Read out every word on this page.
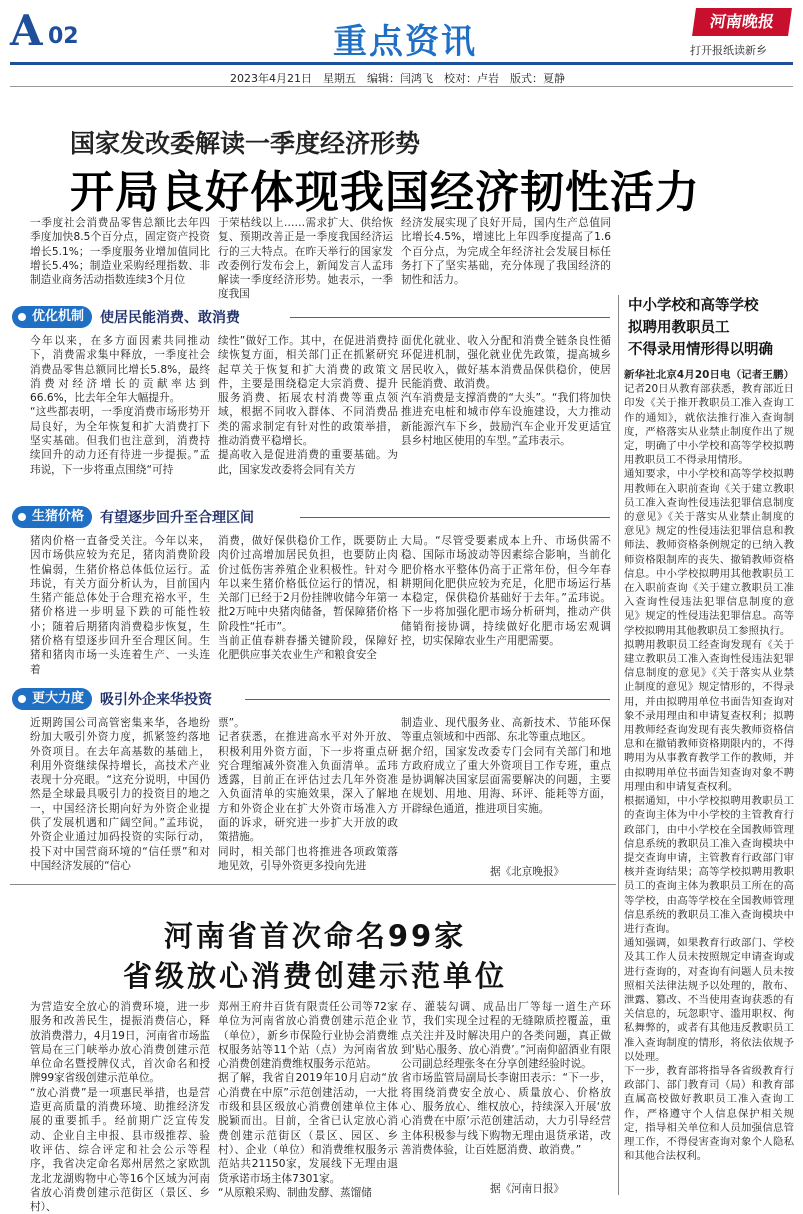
A 02	重点资讯
河南晚报
打开报纸读新乡
2023年4月21日　星期五　编辑：闫鸿飞　校对：卢岩　版式：夏静
国家发改委解读一季度经济形势
开局良好体现我国经济韧性活力
一季度社会消费品零售总额比去年四季度加快8.5个百分点，固定资产投资增长5.1%；一季度服务业增加值同比增长5.4%；制造业采购经理指数、非制造业商务活动指数连续3个月位
于荣枯线以上……需求扩大、供给恢复、预期改善正是一季度我国经济运行的三大特点。在昨天举行的国家发改委例行发布会上，新闻发言人孟玮解读一季度经济形势。她表示，一季度我国
经济发展实现了良好开局，国内生产总值同比增长4.5%，增速比上年四季度提高了1.6个百分点，为完成全年经济社会发展目标任务打下了坚实基础，充分体现了我国经济的韧性和活力。
优化机制	使居民能消费、敢消费
今年以来，在多方面因素共同推动下，消费需求集中释放，一季度社会消费品零售总额同比增长5.8%，最终消费对经济增长的贡献率达到66.6%，比去年全年大幅提升。
“这些都表明，一季度消费市场形势开局良好，为全年恢复和扩大消费打下坚实基础。但我们也注意到，消费持续回升的动力还有待进一步提振。”孟玮说，下一步将重点围绕“可持
续性”做好工作。其中，在促进消费持续恢复方面，相关部门正在抓紧研究起草关于恢复和扩大消费的政策文件，主要是围绕稳定大宗消费、提升服务消费、拓展农村消费等重点领域，根据不同收入群体、不同消费品类的需求制定有针对性的政策举措，推动消费平稳增长。
提高收入是促进消费的重要基础。为此，国家发改委将会同有关方
面优化就业、收入分配和消费全链条良性循环促进机制，强化就业优先政策，提高城乡居民收入，做好基本消费品保供稳价，使居民能消费、敢消费。
汽车消费是支撑消费的“大头”。“我们将加快推进充电桩和城市停车设施建设，大力推动新能源汽车下乡，鼓励汽车企业开发更适宜县乡村地区使用的车型。”孟玮表示。
生猪价格	有望逐步回升至合理区间
猪肉价格一直备受关注。今年以来，因市场供应较为充足，猪肉消费阶段性偏弱，生猪价格总体低位运行。孟玮说，有关方面分析认为，目前国内生猪产能总体处于合理充裕水平，生猪价格进一步明显下跌的可能性较小；随着后期猪肉消费稳步恢复，生猪价格有望逐步回升至合理区间。生猪和猪肉市场一头连着生产、一头连着
消费，做好保供稳价工作，既要防止肉价过高增加居民负担，也要防止肉价过低伤害养殖企业积极性。针对今年以来生猪价格低位运行的情况，相关部门已经于2月份挂牌收储今年第一批2万吨中央猪肉储备，暂保障猪价格阶段性“托市”。
当前正值春耕春播关键阶段，保障好化肥供应事关农业生产和粮食安全
大局。“尽管受要素成本上升、市场供需不稳、国际市场波动等因素综合影响，当前化肥价格水平整体仍高于正常年份，但今年春耕期间化肥供应较为充足，化肥市场运行基本稳定，保供稳价基础好于去年。”孟玮说。下一步将加强化肥市场分析研判，推动产供储销衔接协调，持续做好化肥市场宏观调控，切实保障农业生产用肥需要。
更大力度	吸引外企来华投资
近期跨国公司高管密集来华，各地纷纷加大吸引外资力度，抓紧签约落地外资项目。在去年高基数的基础上，利用外资继续保持增长，高技术产业表现十分亮眼。“这充分说明，中国仍然是全球最具吸引力的投资目的地之一，中国经济长期向好为外资企业提供了发展机遇和广阔空间。”孟玮说，外资企业通过加码投资的实际行动，投下对中国营商环境的“信任票”和对中国经济发展的“信心
票”。
记者获悉，在推进高水平对外开放、积极利用外资方面，下一步将重点研究合理缩减外资准入负面清单。孟玮透露，目前正在评估过去几年外资准入负面清单的实施效果，深入了解地方和外资企业在扩大外资市场准入方面的诉求，研究进一步扩大开放的政策措施。
同时，相关部门也将推进各项政策落地见效，引导外资更多投向先进
制造业、现代服务业、高新技术、节能环保等重点领域和中西部、东北等重点地区。
据介绍，国家发改委专门会同有关部门和地方政府成立了重大外资项目工作专班，重点是协调解决国家层面需要解决的问题，主要在规划、用地、用海、环评、能耗等方面，开辟绿色通道，推进项目实施。
据《北京晚报》
中小学校和高等学校
拟聘用教职员工
不得录用情形得以明确
新华社北京4月20日电（记者王鹏）记者20日从教育部获悉，教育部近日印发《关于推开教职员工准入查询工作的通知》，就依法推行准入查询制度，严格落实从业禁止制度作出了规定，明确了中小学校和高等学校拟聘用教职员工不得录用情形。
通知要求，中小学校和高等学校拟聘用教师在入职前查询《关于建立教职员工准入查询性侵违法犯罪信息制度的意见》《关于落实从业禁止制度的意见》规定的性侵违法犯罪信息和教师法、教师资格条例规定的已纳入教师资格限制库的丧失、撤销教师资格信息。中小学校拟聘用其他教职员工在入职前查询《关于建立教职员工准入查询性侵违法犯罪信息制度的意见》规定的性侵违法犯罪信息。高等学校拟聘用其他教职员工参照执行。
拟聘用教职员工经查询发现有《关于建立教职员工准入查询性侵违法犯罪信息制度的意见》《关于落实从业禁止制度的意见》规定情形的，不得录用，并由拟聘用单位书面告知查询对象不录用理由和申请复查权利；拟聘用教师经查询发现有丧失教师资格信息和在撤销教师资格期限内的，不得聘用为从事教育教学工作的教师，并由拟聘用单位书面告知查询对象不聘用理由和申请复查权利。
根据通知，中小学校拟聘用教职员工的查询主体为中小学校的主管教育行政部门，由中小学校在全国教师管理信息系统的教职员工准入查询模块中提交查询申请，主管教育行政部门审核并查询结果；高等学校拟聘用教职员工的查询主体为教职员工所在的高等学校，由高等学校在全国教师管理信息系统的教职员工准入查询模块中进行查询。
通知强调，如果教育行政部门、学校及其工作人员未按照规定申请查询或进行查询的，对查询有问题人员未按照相关法律法规予以处理的，散布、泄露、篡改、不当使用查询获悉的有关信息的，玩忽职守、滥用职权、徇私舞弊的，或者有其他违反教职员工准入查询制度的情形，将依法依规予以处理。
下一步，教育部将指导各省级教育行政部门、部门教育司（局）和教育部直属高校做好教职员工准入查询工作，严格遵守个人信息保护相关规定，指导相关单位和人员加强信息管理工作，不得侵害查询对象个人隐私和其他合法权利。
河南省首次命名99家
省级放心消费创建示范单位
为营造安全放心的消费环境，进一步服务和改善民生，提振消费信心，释放消费潜力，4月19日，河南省市场监管局在三门峡举办放心消费创建示范单位命名暨授牌仪式，首次命名和授牌99家省级创建示范单位。
“放心消费”是一项惠民举措，也是营造更高质量的消费环境、助推经济发展的重要抓手。经前期广泛宣传发动、企业自主申报、县市级推荐、验收评估、综合评定和社会公示等程序，我省决定命名郑州居然之家欧凯龙北龙湖购物中心等16个区域为河南省放心消费创建示范街区（景区、乡村）、
郑州王府井百货有限责任公司等72家单位为河南省放心消费创建示范企业（单位），新乡市保险行业协会消费维权服务站等11个站（点）为河南省放心消费创建消费维权服务示范站。
据了解，我省自2019年10月启动“放心消费在中原”示范创建活动，一大批市级和县区级放心消费创建单位主体脱颖而出。目前，全省已认定放心消费创建示范街区（景区、园区、乡村）、企业（单位）和消费维权服务示范站共21150家，发展线下无理由退货承诺市场主体7301家。
“从原粮采购、制曲发酵、蒸馏储
存、灌装勾调、成品出厂等每一道生产环节，我们实现全过程的无缝隙质控覆盖，重点关注并及时解决用户的各类问题，真正做到‘贴心服务、放心消费’。”河南仰韶酒业有限公司副总经理张冬在分享创建经验时说。
省市场监管局副局长李谢田表示：“下一步，将围绕消费安全放心、质量放心、价格放心、服务放心、维权放心，持续深入开展‘放心消费在中原’示范创建活动，大力引导经营主体积极参与线下购物无理由退货承诺，改善消费体验，让百姓愿消费、敢消费。”
据《河南日报》
